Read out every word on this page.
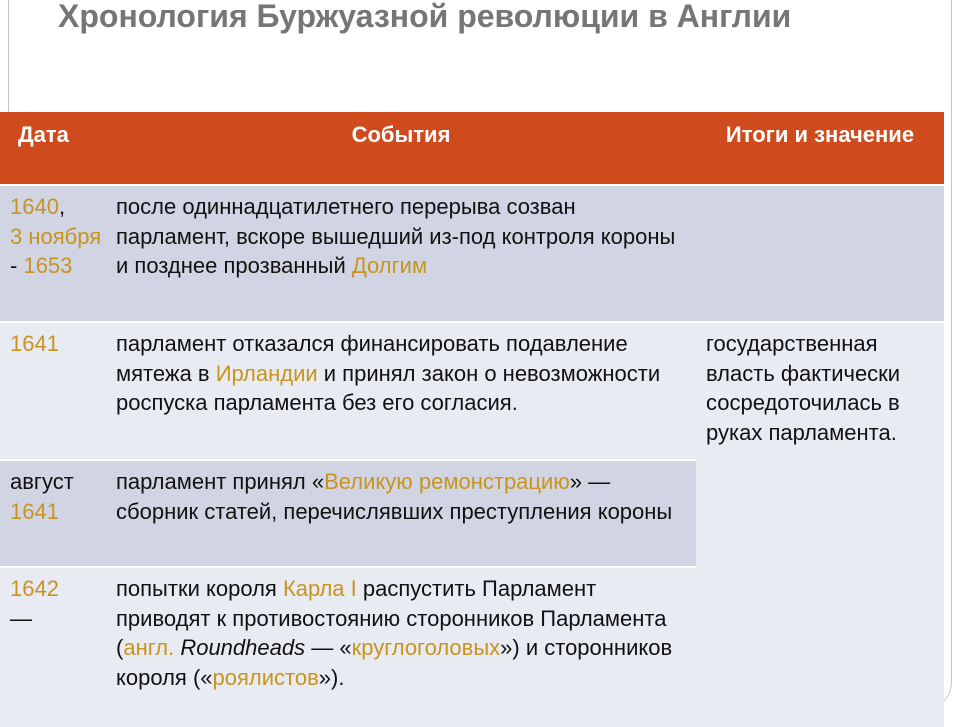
Хронология Буржуазной революции в Англии
Дата	События	Итоги и значение
1640,
3 ноября
- 1653	после одиннадцатилетнего перерыва созван парламент, вскоре вышедший из-под контроля короны и позднее прозванный Долгим	
1641	парламент отказался финансировать подавление мятежа в Ирландии и принял закон о невозможности роспуска парламента без его согласия.	государственная власть фактически сосредоточилась в руках парламента.
август
1641	парламент принял «Великую ремонстрацию» — сборник статей, перечислявших преступления короны	
1642
—	попытки короля Карла I распустить Парламент приводят к противостоянию сторонников Парламента (англ. Roundheads — «круглоголовых») и сторонников короля («роялистов»).	
